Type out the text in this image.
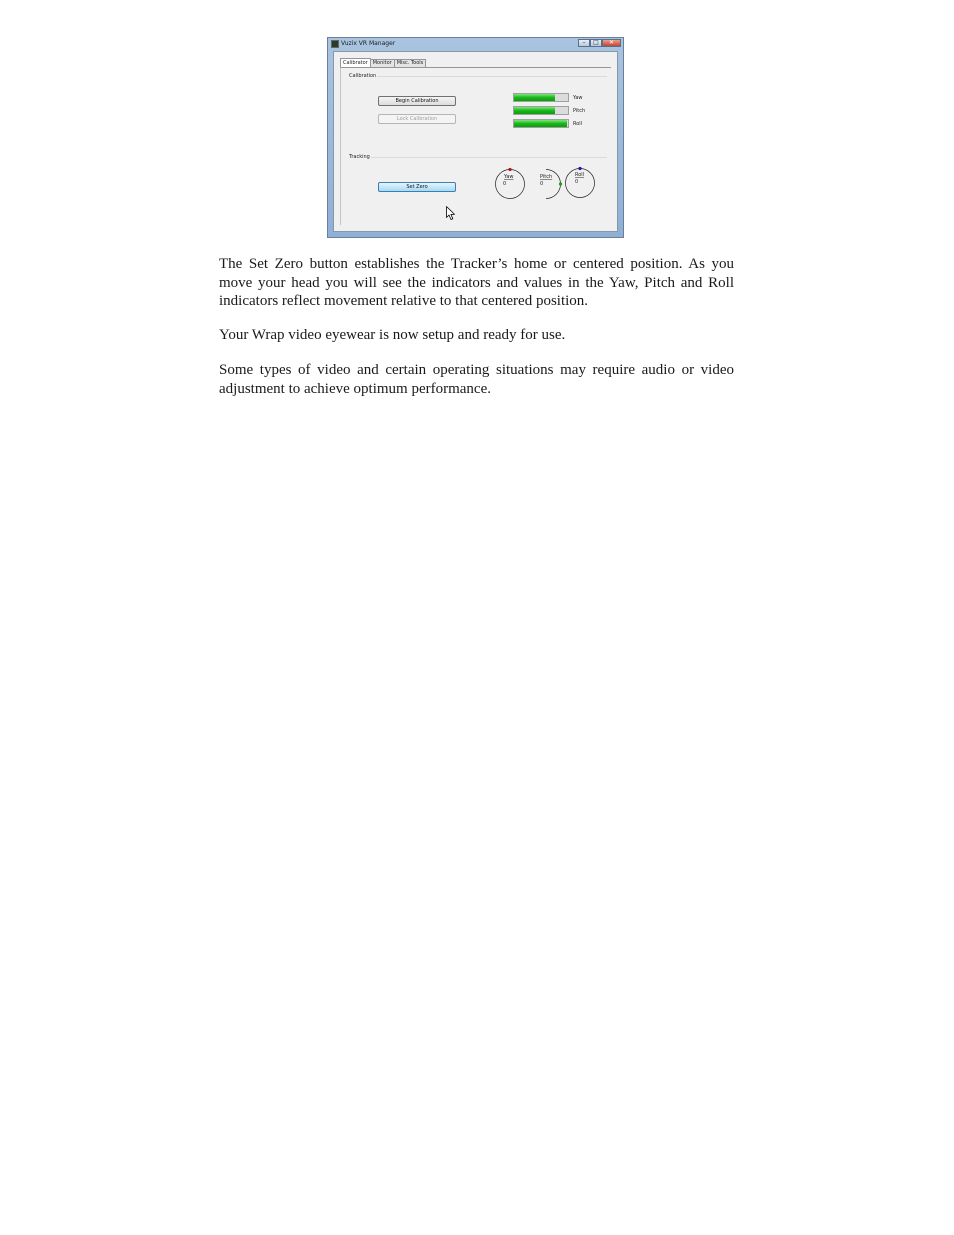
Vuzix VR Manager	–	□	✕
Calibrator	Monitor	Misc. Tools
Calibration
Begin Calibration
Lock Calibration
Yaw
Pitch
Roll
Tracking
Set Zero
Yaw
0
Pitch
0
Roll
0

The Set Zero button establishes the Tracker’s home or centered position. As you move your head you will see the indicators and values in the Yaw, Pitch and Roll indicators reflect movement relative to that centered position.

Your Wrap video eyewear is now setup and ready for use.

Some types of video and certain operating situations may require audio or video adjustment to achieve optimum performance.
